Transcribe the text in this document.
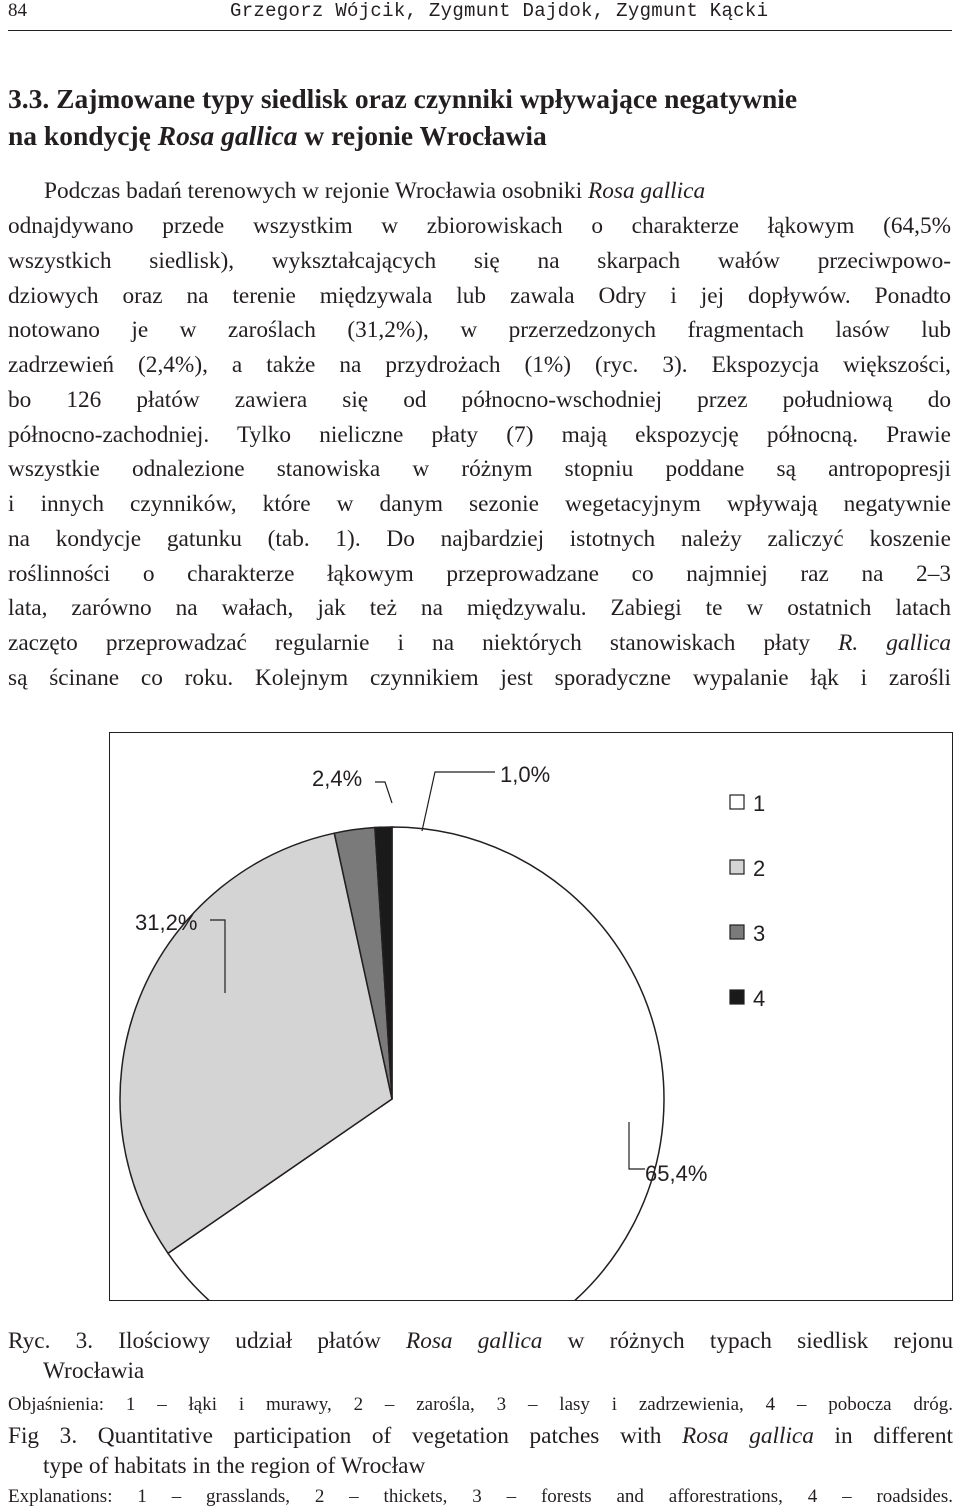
84	Grzegorz Wójcik, Zygmunt Dajdok, Zygmunt Kącki
3.3. Zajmowane typy siedlisk oraz czynniki wpływające negatywnie
na kondycję Rosa gallica w rejonie Wrocławia
Podczas badań terenowych w rejonie Wrocławia osobniki Rosa gallica
odnajdywano przede wszystkim w zbiorowiskach o charakterze łąkowym (64,5%
wszystkich siedlisk), wykształcających się na skarpach wałów przeciwpowo-
dziowych oraz na terenie międzywala lub zawala Odry i jej dopływów. Ponadto
notowano je w zaroślach (31,2%), w przerzedzonych fragmentach lasów lub
zadrzewień (2,4%), a także na przydrożach (1%) (ryc. 3). Ekspozycja większości,
bo 126 płatów zawiera się od północno-wschodniej przez południową do
północno-zachodniej. Tylko nieliczne płaty (7) mają ekspozycję północną. Prawie
wszystkie odnalezione stanowiska w różnym stopniu poddane są antropopresji
i innych czynników, które w danym sezonie wegetacyjnym wpływają negatywnie
na kondycje gatunku (tab. 1). Do najbardziej istotnych należy zaliczyć koszenie
roślinności o charakterze łąkowym przeprowadzane co najmniej raz na 2–3
lata, zarówno na wałach, jak też na międzywalu. Zabiegi te w ostatnich latach
zaczęto przeprowadzać regularnie i na niektórych stanowiskach płaty R. gallica
są ścinane co roku. Kolejnym czynnikiem jest sporadyczne wypalanie łąk i zarośli
65,4%
31,2%
2,4%	1,0%
1
2
3
4
Ryc. 3. Ilościowy udział płatów Rosa gallica w różnych typach siedlisk rejonu
Wrocławia
Objaśnienia: 1 – łąki i murawy, 2 – zarośla, 3 – lasy i zadrzewienia, 4 – pobocza dróg.
Fig 3. Quantitative participation of vegetation patches with Rosa gallica in different
type of habitats in the region of Wrocław
Explanations: 1 – grasslands, 2 – thickets, 3 – forests and afforestrations, 4 – roadsides.
